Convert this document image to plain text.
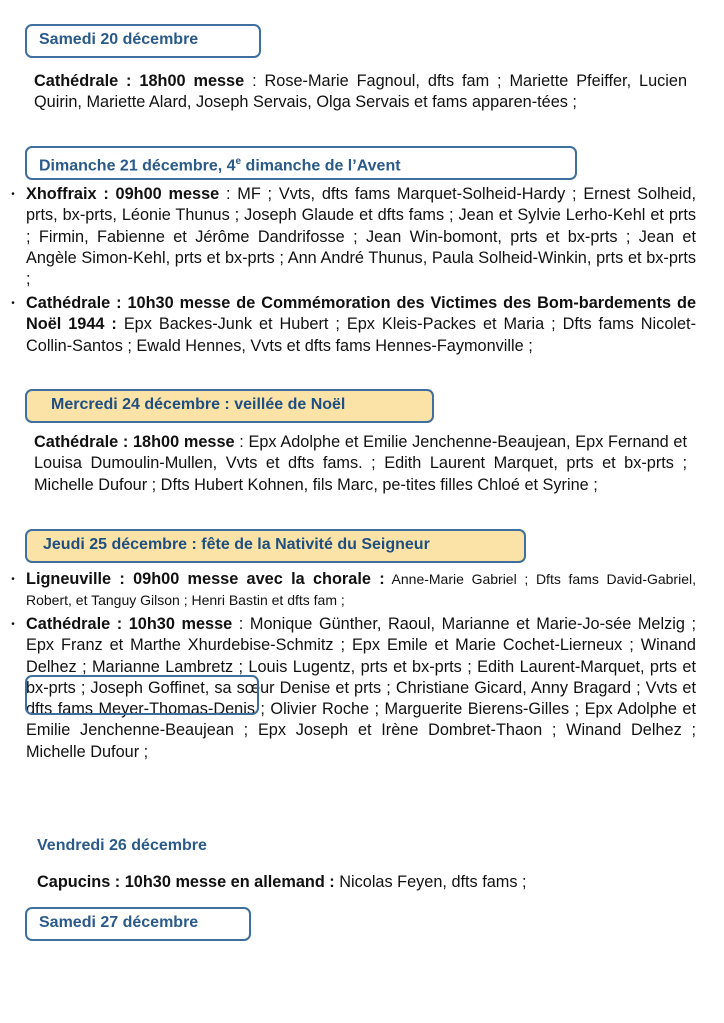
Samedi 20 décembre
Cathédrale : 18h00 messe : Rose-Marie Fagnoul, dfts fam ; Mariette Pfeiffer, Lucien Quirin, Mariette Alard, Joseph Servais, Olga Servais et fams apparen-tées ;
Dimanche 21 décembre, 4e dimanche de l’Avent
• Xhoffraix : 09h00 messe : MF ; Vvts, dfts fams Marquet-Solheid-Hardy ; Ernest Solheid, prts, bx-prts, Léonie Thunus ; Joseph Glaude et dfts fams ; Jean et Sylvie Lerho-Kehl et prts ; Firmin, Fabienne et Jérôme Dandrifosse ; Jean Win-bomont, prts et bx-prts ; Jean et Angèle Simon-Kehl, prts et bx-prts ; Ann André Thunus, Paula Solheid-Winkin, prts et bx-prts ;
• Cathédrale : 10h30 messe de Commémoration des Victimes des Bom-bardements de Noël 1944 : Epx Backes-Junk et Hubert ; Epx Kleis-Packes et Maria ; Dfts fams Nicolet-Collin-Santos ; Ewald Hennes, Vvts et dfts fams Hennes-Faymonville ;
Mercredi 24 décembre : veillée de Noël
Cathédrale : 18h00 messe : Epx Adolphe et Emilie Jenchenne-Beaujean, Epx Fernand et Louisa Dumoulin-Mullen, Vvts et dfts fams. ; Edith Laurent Marquet, prts et bx-prts ; Michelle Dufour ; Dfts Hubert Kohnen, fils Marc, pe-tites filles Chloé et Syrine ;
Jeudi 25 décembre : fête de la Nativité du Seigneur
• Ligneuville : 09h00 messe avec la chorale : Anne-Marie Gabriel ; Dfts fams David-Gabriel, Robert, et Tanguy Gilson ; Henri Bastin et dfts fam ;
• Cathédrale : 10h30 messe : Monique Günther, Raoul, Marianne et Marie-Jo-sée Melzig ; Epx Franz et Marthe Xhurdebise-Schmitz ; Epx Emile et Marie Cochet-Lierneux ; Winand Delhez ; Marianne Lambretz ; Louis Lugentz, prts et bx-prts ; Edith Laurent-Marquet, prts et bx-prts ; Joseph Goffinet, sa sœur Denise et prts ; Christiane Gicard, Anny Bragard ; Vvts et dfts fams Meyer-Thomas-Denis ; Olivier Roche ; Marguerite Bierens-Gilles ; Epx Adolphe et Emilie Jenchenne-Beaujean ; Epx Joseph et Irène Dombret-Thaon ; Winand Delhez ; Michelle Dufour ;
Vendredi 26 décembre
Capucins : 10h30 messe en allemand : Nicolas Feyen, dfts fams ;
Samedi 27 décembre
